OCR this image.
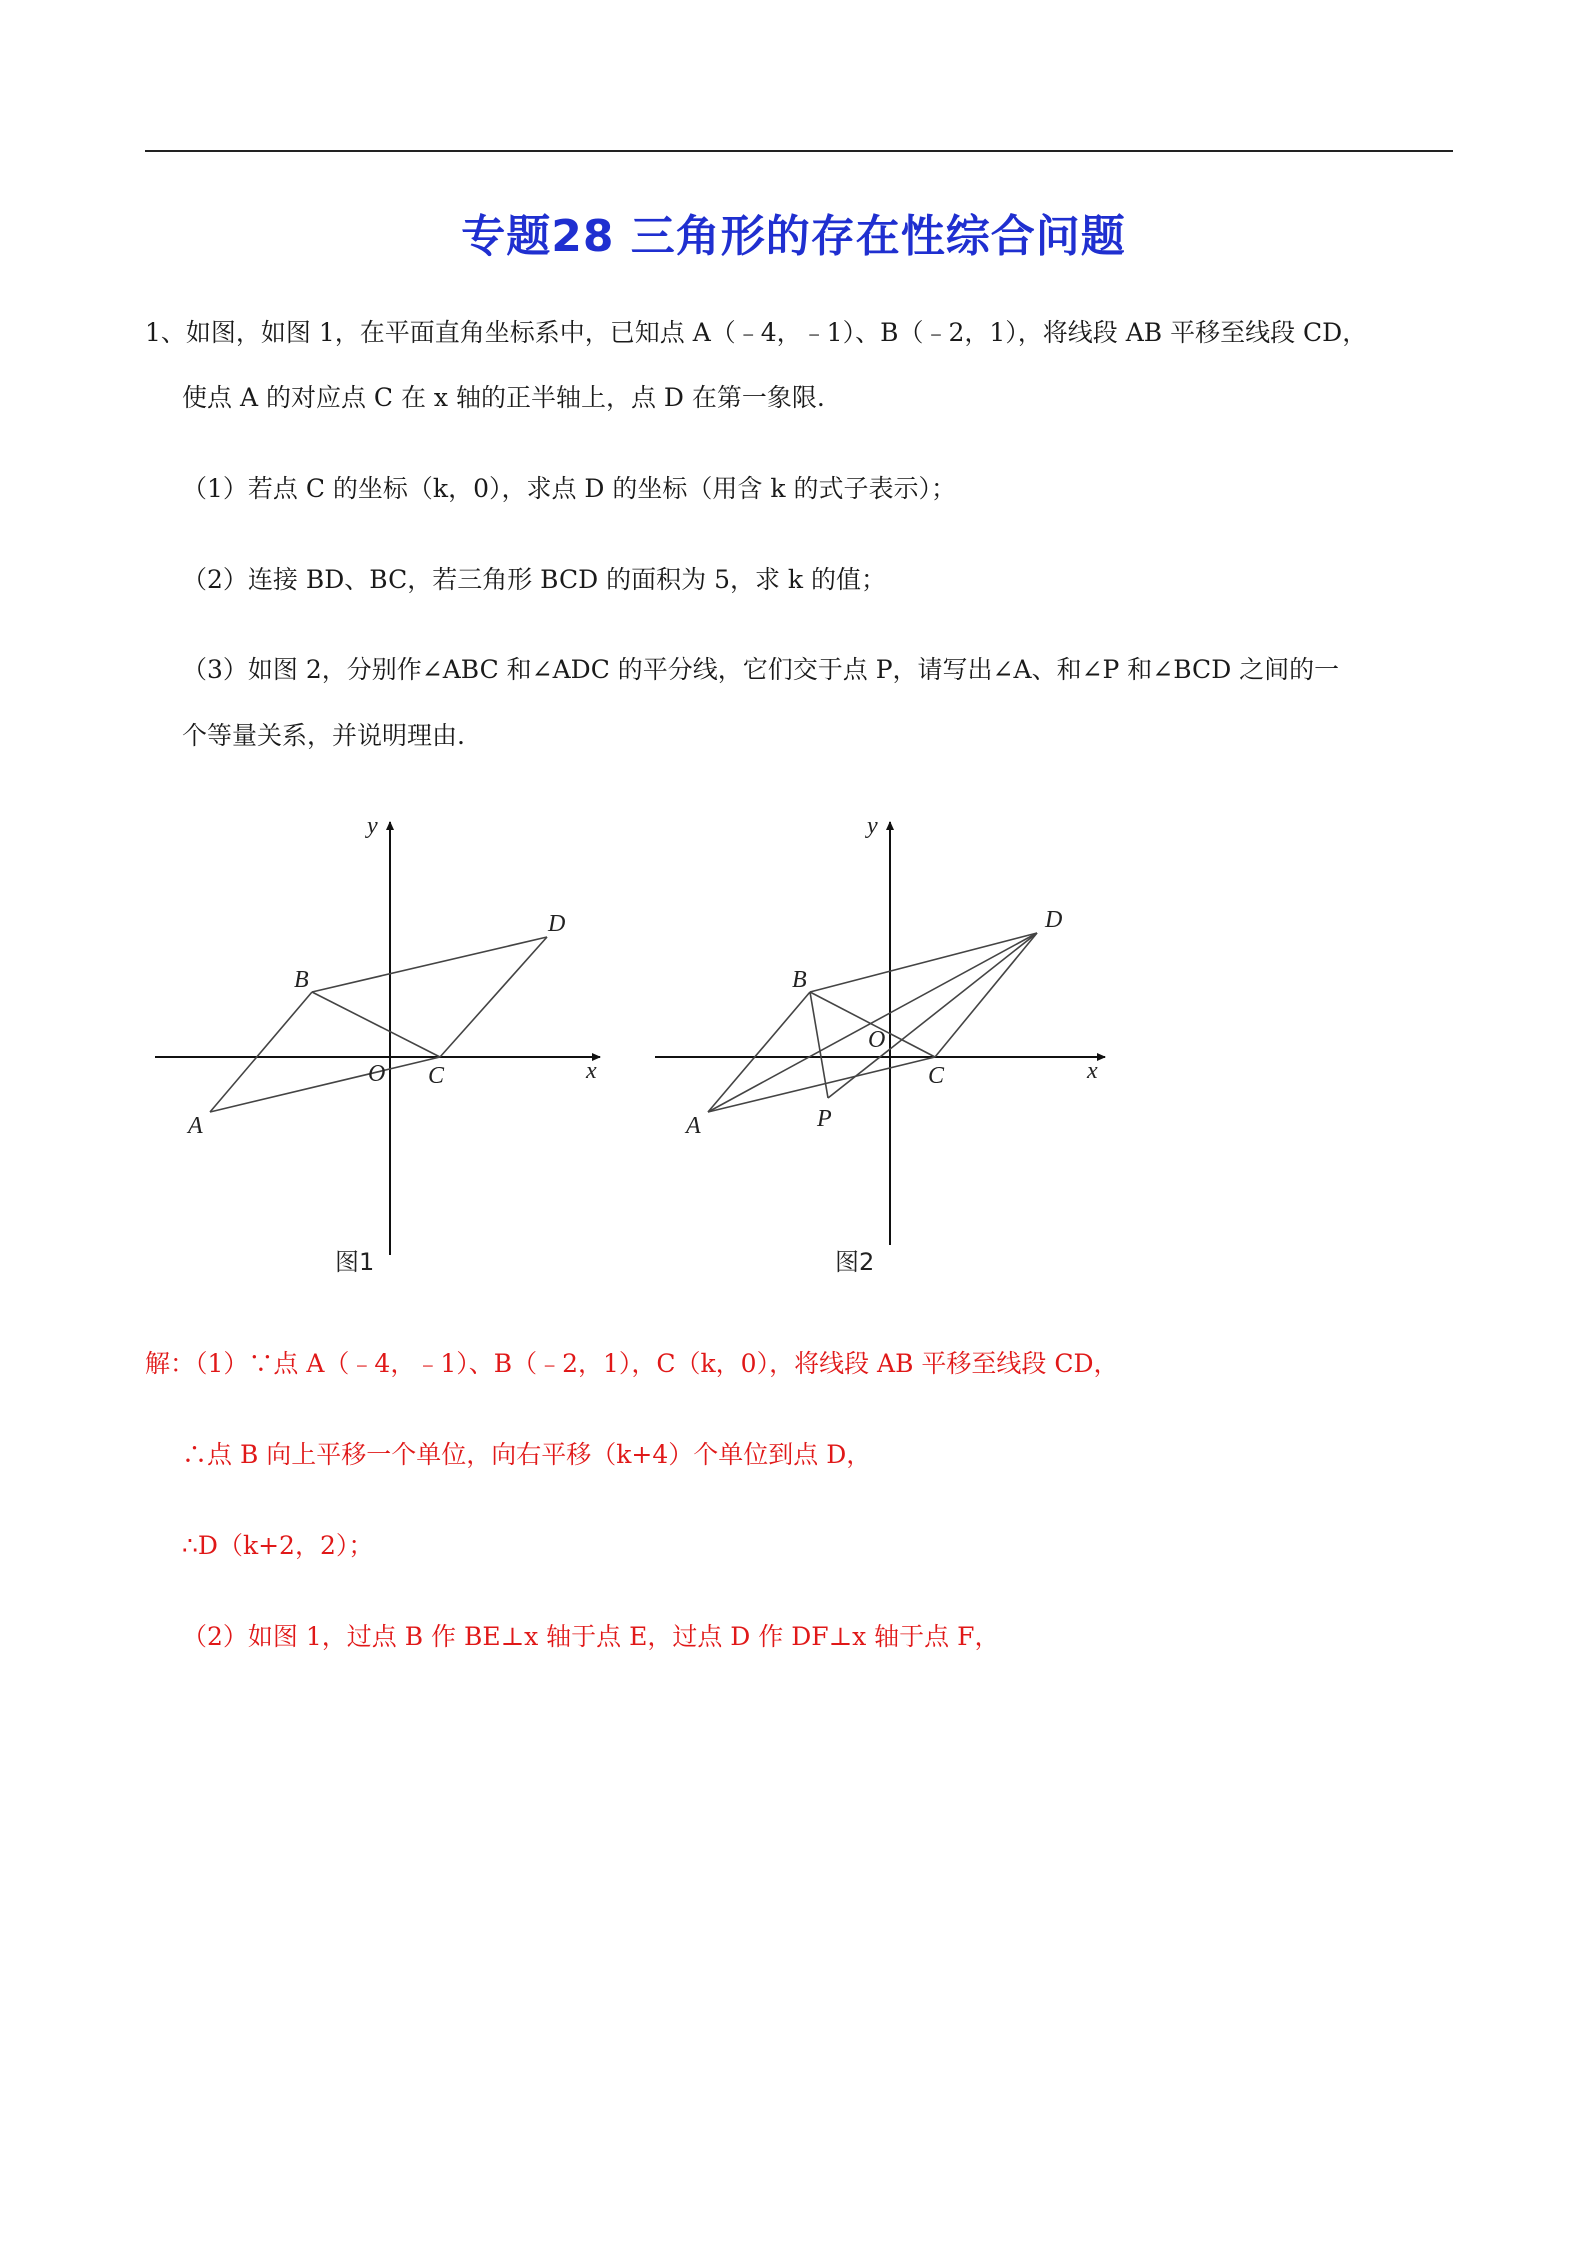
专题28 三角形的存在性综合问题
1、如图，如图 1，在平面直角坐标系中，已知点 A（﹣4，﹣1）、B（﹣2，1），将线段 AB 平移至线段 CD，
使点 A 的对应点 C 在 x 轴的正半轴上，点 D 在第一象限.
（1）若点 C 的坐标（k，0），求点 D 的坐标（用含 k 的式子表示）；
（2）连接 BD、BC，若三角形 BCD 的面积为 5，求 k 的值；
（3）如图 2，分别作∠ABC 和∠ADC 的平分线，它们交于点 P，请写出∠A、和∠P 和∠BCD 之间的一
个等量关系，并说明理由.
y
x
O
A
B
C
D
图1
y
x
O
A
B
C
D
P
图2
解：（1）∵点 A（﹣4，﹣1）、B（﹣2，1），C（k，0），将线段 AB 平移至线段 CD，
∴点 B 向上平移一个单位，向右平移（k+4）个单位到点 D，
∴D（k+2，2）；
（2）如图 1，过点 B 作 BE⊥x 轴于点 E，过点 D 作 DF⊥x 轴于点 F，
